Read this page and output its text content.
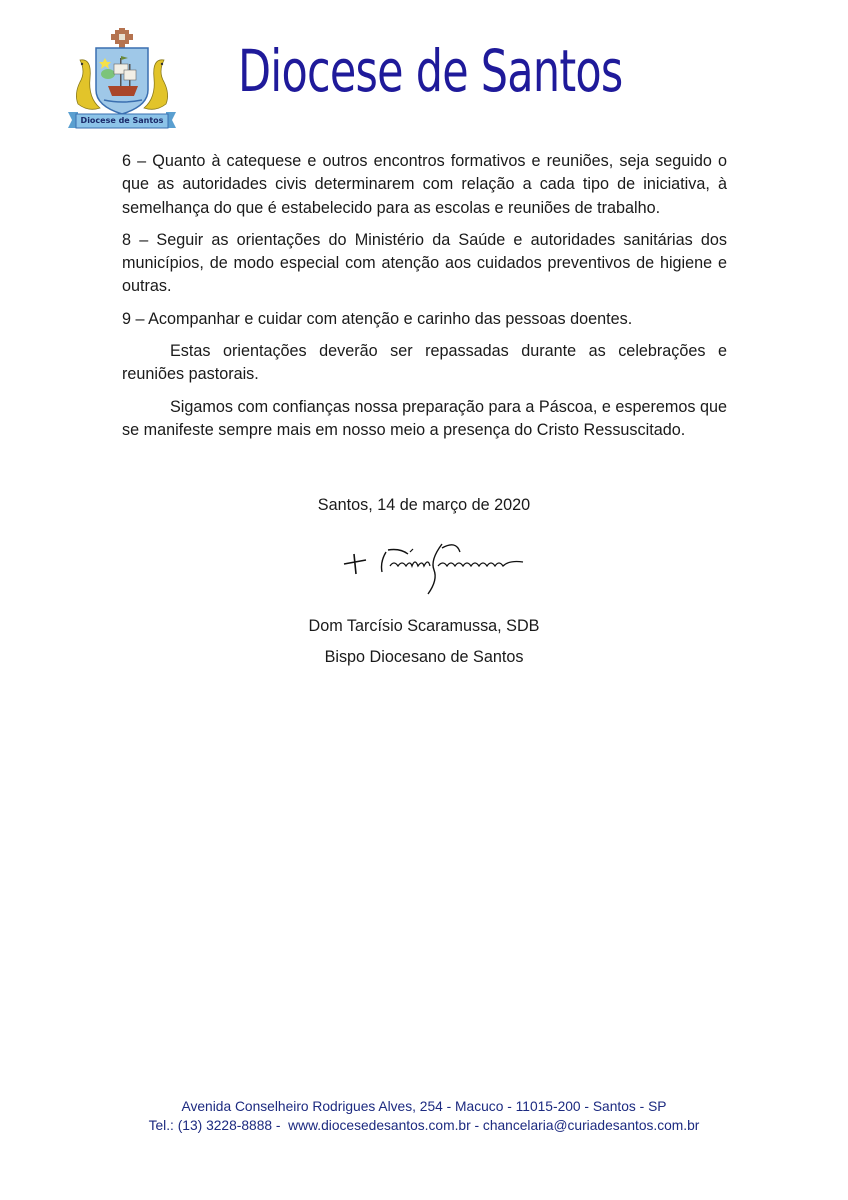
Diocese de Santos
Diocese de Santos

6 – Quanto à catequese e outros encontros formativos e reuniões, seja seguido o que as autoridades civis determinarem com relação a cada tipo de iniciativa, à semelhança do que é estabelecido para as escolas e reuniões de trabalho.

8 – Seguir as orientações do Ministério da Saúde e autoridades sanitárias dos municípios, de modo especial com atenção aos cuidados preventivos de higiene e outras.

9 – Acompanhar e cuidar com atenção e carinho das pessoas doentes.

Estas orientações deverão ser repassadas durante as celebrações e reuniões pastorais.

Sigamos com confianças nossa preparação para a Páscoa, e esperemos que se manifeste sempre mais em nosso meio a presença do Cristo Ressuscitado.

Santos, 14 de março de 2020
Dom Tarcísio Scaramussa, SDB
Bispo Diocesano de Santos
Avenida Conselheiro Rodrigues Alves, 254 - Macuco - 11015-200 - Santos - SP
Tel.: (13) 3228-8888 -  www.diocesedesantos.com.br - chancelaria@curiadesantos.com.br
